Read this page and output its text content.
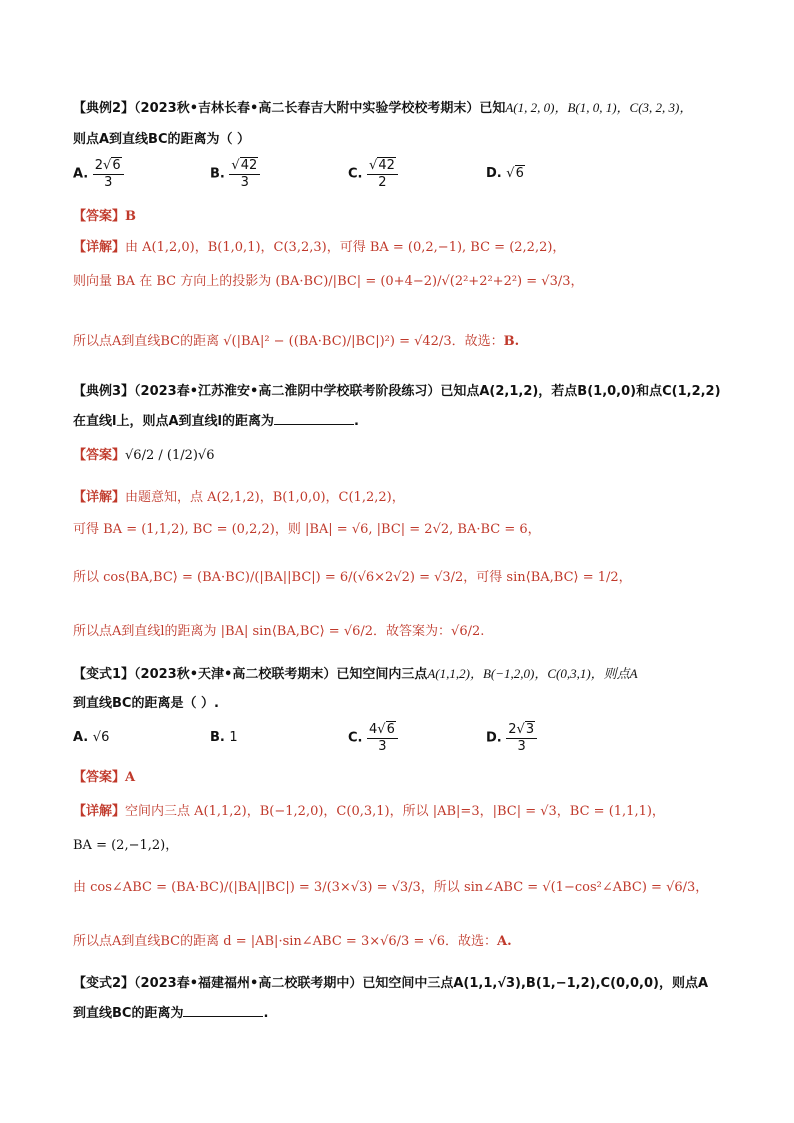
【典例2】（2023秋•吉林长春•高二长春吉大附中实验学校校考期末）已知A(1, 2, 0)，B(1, 0, 1)，C(3, 2, 3)，
则点A到直线BC的距离为（ ）
A. $\frac{2√6}{3}$	B. $\frac{√42}{3}$	C. $\frac{√42}{2}$	D. √6
【答案】B
【详解】由 A(1,2,0)，B(1,0,1)，C(3,2,3)，可得 BA = (0,2,−1), BC = (2,2,2)，
则向量 BA 在 BC 方向上的投影为 (BA·BC)/|BC| = (0+4−2)/√(2²+2²+2²) = √3/3，
所以点A到直线BC的距离 √(|BA|² − ((BA·BC)/|BC|)²) = √42/3．故选：B.
【典例3】（2023春•江苏淮安•高二淮阴中学校联考阶段练习）已知点A(2,1,2)，若点B(1,0,0)和点C(1,2,2)
在直线l上，则点A到直线l的距离为	.
【答案】√6/2 / (1/2)√6
【详解】由题意知，点 A(2,1,2)，B(1,0,0)，C(1,2,2)，
可得 BA = (1,1,2), BC = (0,2,2)，则 |BA| = √6, |BC| = 2√2, BA·BC = 6，
所以 cos⟨BA,BC⟩ = (BA·BC)/(|BA||BC|) = 6/(√6×2√2) = √3/2，可得 sin⟨BA,BC⟩ = 1/2，
所以点A到直线l的距离为 |BA| sin⟨BA,BC⟩ = √6/2．故答案为：√6/2.
【变式1】（2023秋•天津•高二校联考期末）已知空间内三点A(1,1,2)，B(−1,2,0)，C(0,3,1)，则点A
到直线BC的距离是（ ）.
A. √6	B. 1	C. $\frac{4√6}{3}$	D. $\frac{2√3}{3}$
【答案】A
【详解】空间内三点 A(1,1,2)，B(−1,2,0)，C(0,3,1)，所以 |AB|=3，|BC| = √3，BC = (1,1,1)，
BA = (2,−1,2)，
由 cos∠ABC = (BA·BC)/(|BA||BC|) = 3/(3×√3) = √3/3，所以 sin∠ABC = √(1−cos²∠ABC) = √6/3，
所以点A到直线BC的距离 d = |AB|·sin∠ABC = 3×√6/3 = √6．故选：A.
【变式2】（2023春•福建福州•高二校联考期中）已知空间中三点A(1,1,√3),B(1,−1,2),C(0,0,0)，则点A
到直线BC的距离为	.
